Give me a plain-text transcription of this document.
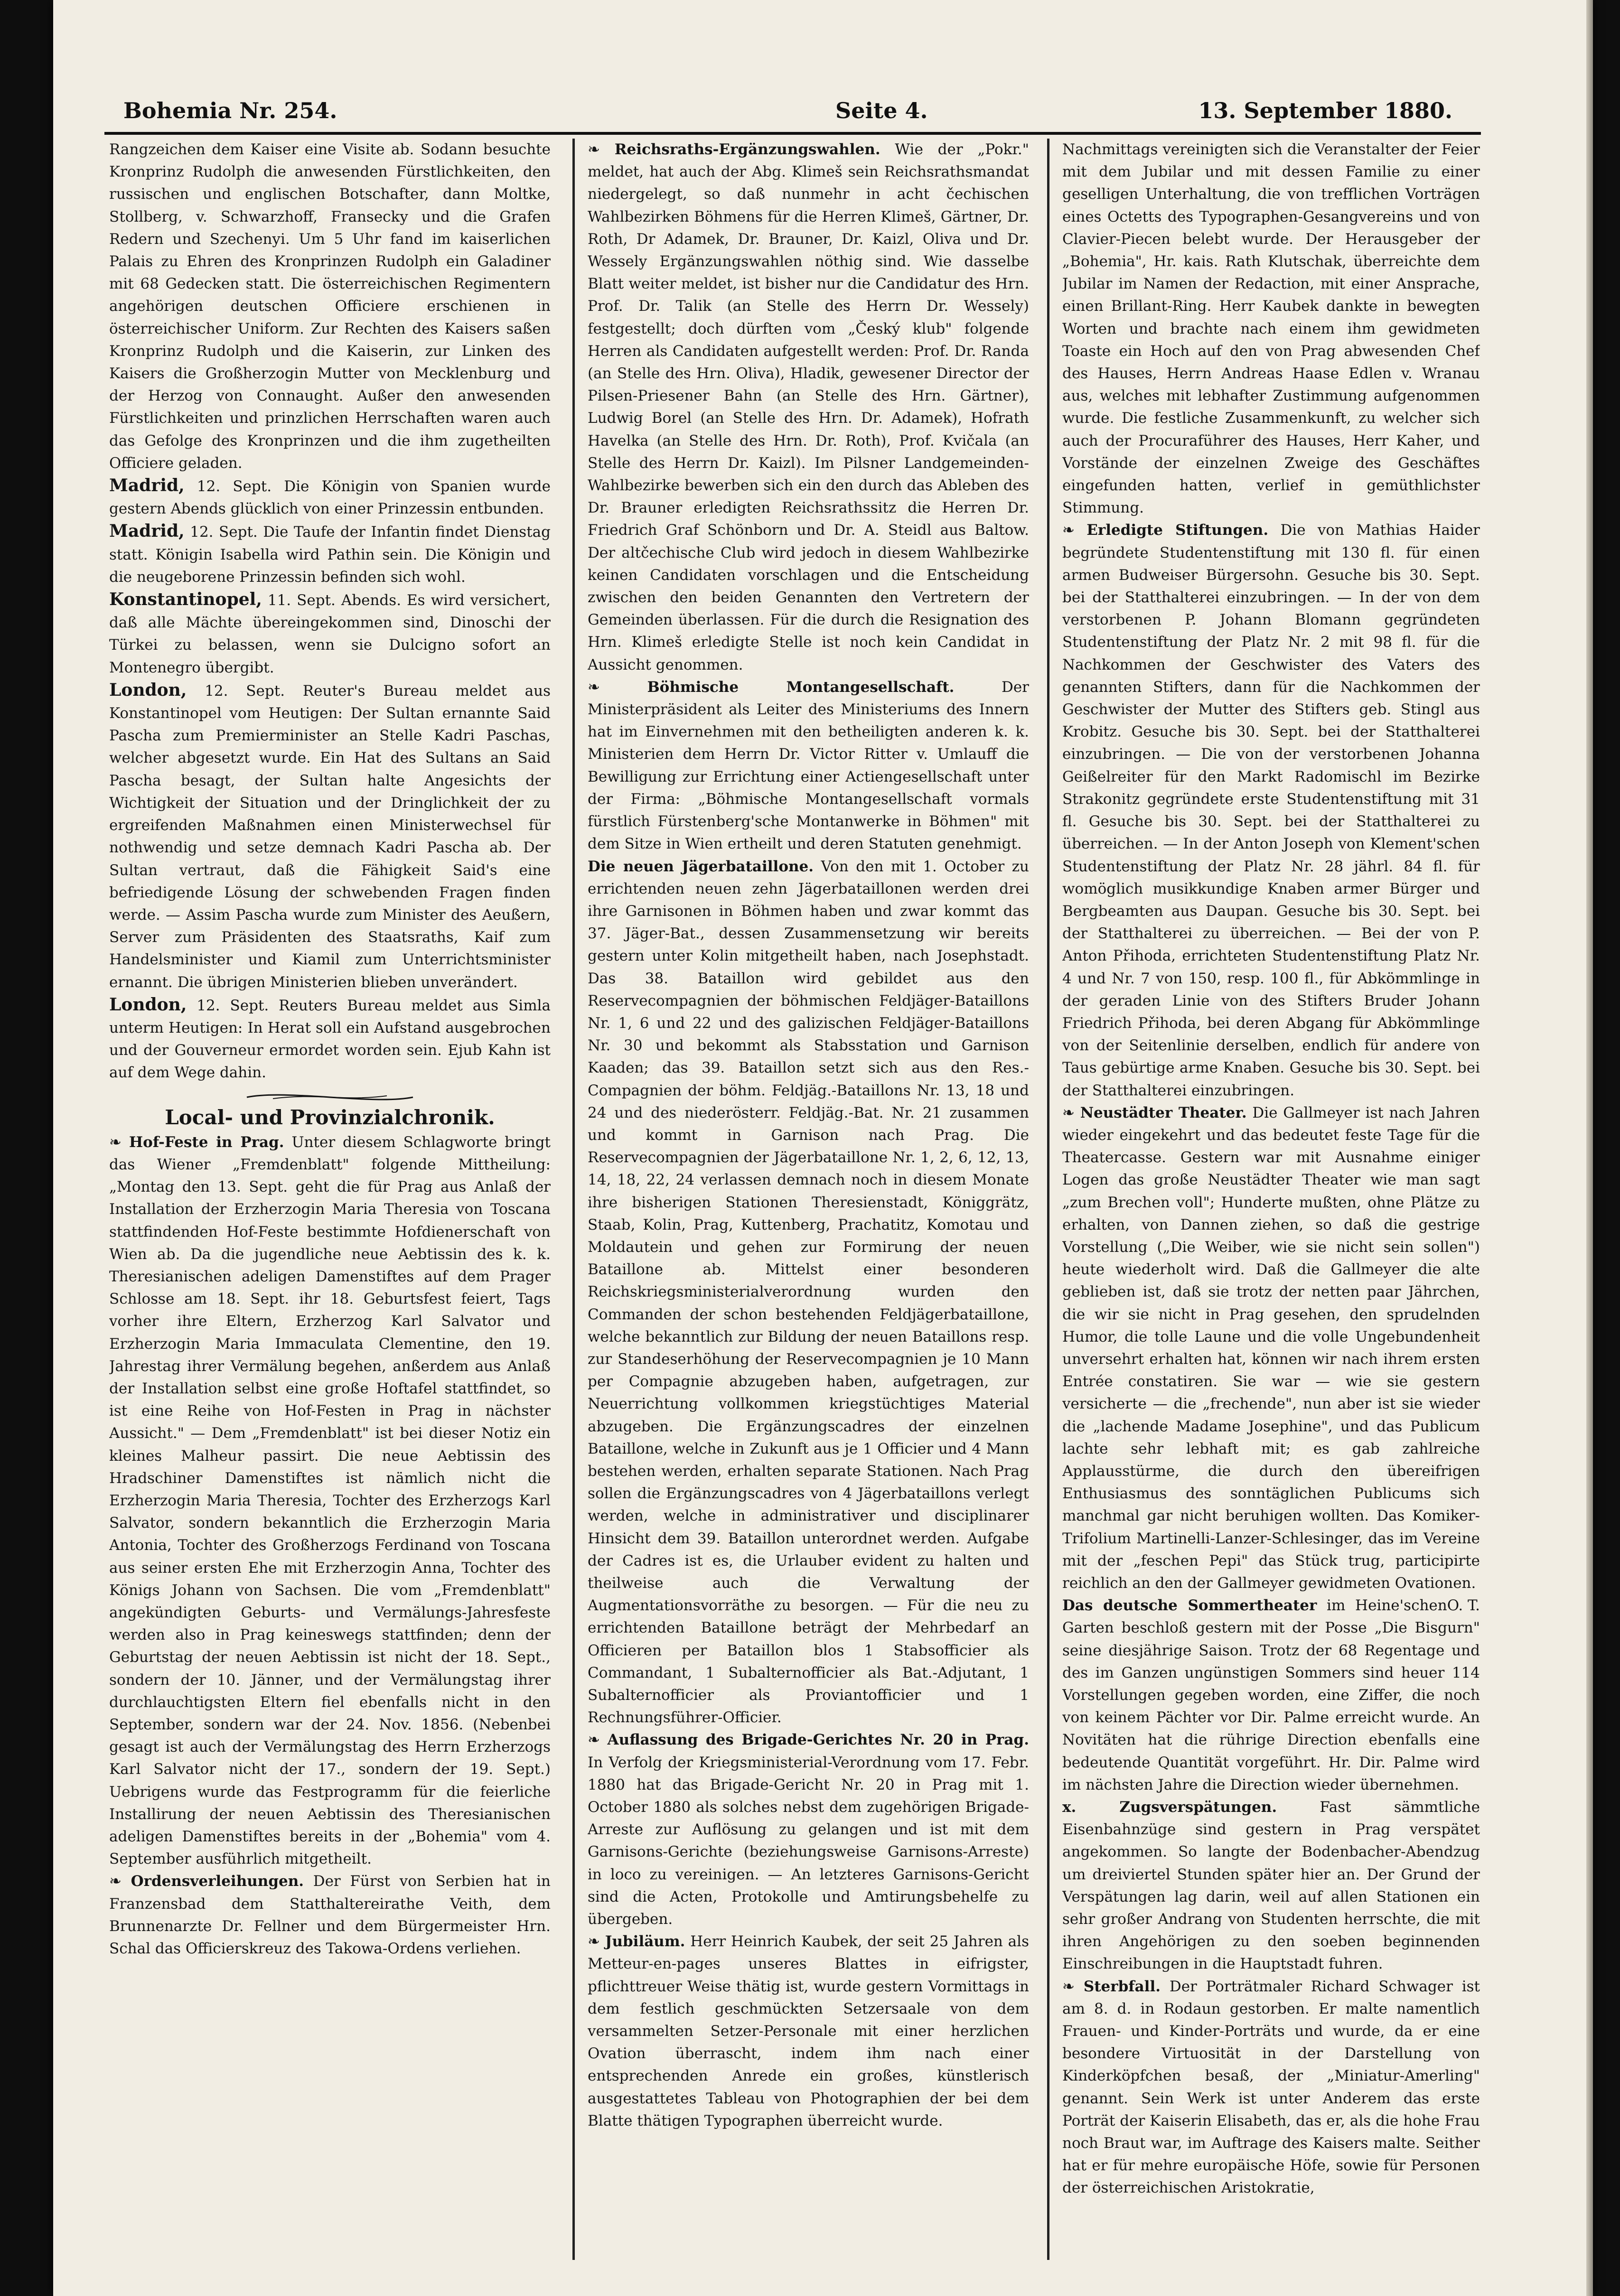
Bohemia Nr. 254.	Seite 4.	13. September 1880.

Rangzeichen dem Kaiser eine Visite ab. Sodann besuchte Kronprinz Rudolph die anwesenden Fürstlichkeiten, den russischen und englischen Botschafter, dann Moltke, Stollberg, v. Schwarzhoff, Fransecky und die Grafen Redern und Szechenyi. Um 5 Uhr fand im kaiserlichen Palais zu Ehren des Kronprinzen Rudolph ein Galadiner mit 68 Gedecken statt. Die österreichischen Regimentern angehörigen deutschen Officiere erschienen in österreichischer Uniform. Zur Rechten des Kaisers saßen Kronprinz Rudolph und die Kaiserin, zur Linken des Kaisers die Großherzogin Mutter von Mecklenburg und der Herzog von Connaught. Außer den anwesenden Fürstlichkeiten und prinzlichen Herrschaften waren auch das Gefolge des Kronprinzen und die ihm zugetheilten Officiere geladen.

Madrid, 12. Sept. Die Königin von Spanien wurde gestern Abends glücklich von einer Prinzessin entbunden.

Madrid, 12. Sept. Die Taufe der Infantin findet Dienstag statt. Königin Isabella wird Pathin sein. Die Königin und die neugeborene Prinzessin befinden sich wohl.

Konstantinopel, 11. Sept. Abends. Es wird versichert, daß alle Mächte übereingekommen sind, Dinoschi der Türkei zu belassen, wenn sie Dulcigno sofort an Montenegro übergibt.

London, 12. Sept. Reuter's Bureau meldet aus Konstantinopel vom Heutigen: Der Sultan ernannte Said Pascha zum Premierminister an Stelle Kadri Paschas, welcher abgesetzt wurde. Ein Hat des Sultans an Said Pascha besagt, der Sultan halte Angesichts der Wichtigkeit der Situation und der Dringlichkeit der zu ergreifenden Maßnahmen einen Ministerwechsel für nothwendig und setze demnach Kadri Pascha ab. Der Sultan vertraut, daß die Fähigkeit Said's eine befriedigende Lösung der schwebenden Fragen finden werde. — Assim Pascha wurde zum Minister des Aeußern, Server zum Präsidenten des Staatsraths, Kaif zum Handelsminister und Kiamil zum Unterrichtsminister ernannt. Die übrigen Ministerien blieben unverändert.

London, 12. Sept. Reuters Bureau meldet aus Simla unterm Heutigen: In Herat soll ein Aufstand ausgebrochen und der Gouverneur ermordet worden sein. Ejub Kahn ist auf dem Wege dahin.

Local- und Provinzialchronik.

❧ Hof-Feste in Prag. Unter diesem Schlagworte bringt das Wiener „Fremdenblatt" folgende Mittheilung: „Montag den 13. Sept. geht die für Prag aus Anlaß der Installation der Erzherzogin Maria Theresia von Toscana stattfindenden Hof-Feste bestimmte Hofdienerschaft von Wien ab. Da die jugendliche neue Aebtissin des k. k. Theresianischen adeligen Damenstiftes auf dem Prager Schlosse am 18. Sept. ihr 18. Geburtsfest feiert, Tags vorher ihre Eltern, Erzherzog Karl Salvator und Erzherzogin Maria Immaculata Clementine, den 19. Jahrestag ihrer Vermälung begehen, anßerdem aus Anlaß der Installation selbst eine große Hoftafel stattfindet, so ist eine Reihe von Hof-Festen in Prag in nächster Aussicht." — Dem „Fremdenblatt" ist bei dieser Notiz ein kleines Malheur passirt. Die neue Aebtissin des Hradschiner Damenstiftes ist nämlich nicht die Erzherzogin Maria Theresia, Tochter des Erzherzogs Karl Salvator, sondern bekanntlich die Erzherzogin Maria Antonia, Tochter des Großherzogs Ferdinand von Toscana aus seiner ersten Ehe mit Erzherzogin Anna, Tochter des Königs Johann von Sachsen. Die vom „Fremdenblatt" angekündigten Geburts- und Vermälungs-Jahresfeste werden also in Prag keineswegs stattfinden; denn der Geburtstag der neuen Aebtissin ist nicht der 18. Sept., sondern der 10. Jänner, und der Vermälungstag ihrer durchlauchtigsten Eltern fiel ebenfalls nicht in den September, sondern war der 24. Nov. 1856. (Nebenbei gesagt ist auch der Vermälungstag des Herrn Erzherzogs Karl Salvator nicht der 17., sondern der 19. Sept.) Uebrigens wurde das Festprogramm für die feierliche Installirung der neuen Aebtissin des Theresianischen adeligen Damenstiftes bereits in der „Bohemia" vom 4. September ausführlich mitgetheilt.

❧ Ordensverleihungen. Der Fürst von Serbien hat in Franzensbad dem Statthaltereirathe Veith, dem Brunnenarzte Dr. Fellner und dem Bürgermeister Hrn. Schal das Officierskreuz des Takowa-Ordens verliehen.

❧ Reichsraths-Ergänzungswahlen. Wie der „Pokr." meldet, hat auch der Abg. Klimeš sein Reichsrathsmandat niedergelegt, so daß nunmehr in acht čechischen Wahlbezirken Böhmens für die Herren Klimeš, Gärtner, Dr. Roth, Dr Adamek, Dr. Brauner, Dr. Kaizl, Oliva und Dr. Wessely Ergänzungswahlen nöthig sind. Wie dasselbe Blatt weiter meldet, ist bisher nur die Candidatur des Hrn. Prof. Dr. Talik (an Stelle des Herrn Dr. Wessely) festgestellt; doch dürften vom „Český klub" folgende Herren als Candidaten aufgestellt werden: Prof. Dr. Randa (an Stelle des Hrn. Oliva), Hladik, gewesener Director der Pilsen-Priesener Bahn (an Stelle des Hrn. Gärtner), Ludwig Borel (an Stelle des Hrn. Dr. Adamek), Hofrath Havelka (an Stelle des Hrn. Dr. Roth), Prof. Kvičala (an Stelle des Herrn Dr. Kaizl). Im Pilsner Landgemeinden-Wahlbezirke bewerben sich ein den durch das Ableben des Dr. Brauner erledigten Reichsrathssitz die Herren Dr. Friedrich Graf Schönborn und Dr. A. Steidl aus Baltow. Der altčechische Club wird jedoch in diesem Wahlbezirke keinen Candidaten vorschlagen und die Entscheidung zwischen den beiden Genannten den Vertretern der Gemeinden überlassen. Für die durch die Resignation des Hrn. Klimeš erledigte Stelle ist noch kein Candidat in Aussicht genommen.

❧	Böhmische Montangesellschaft.	Der Ministerpräsident als Leiter des Ministeriums des Innern hat im Einvernehmen mit den betheiligten anderen k. k. Ministerien dem Herrn Dr. Victor Ritter v. Umlauff die Bewilligung zur Errichtung einer Actiengesellschaft unter der Firma: „Böhmische Montangesellschaft vormals fürstlich Fürstenberg'sche Montanwerke in Böhmen" mit dem Sitze in Wien ertheilt und deren Statuten genehmigt.

Die neuen Jägerbataillone. Von den mit 1. October zu errichtenden neuen zehn Jägerbataillonen werden drei ihre Garnisonen in Böhmen haben und zwar kommt das 37. Jäger-Bat., dessen Zusammensetzung wir bereits gestern unter Kolin mitgetheilt haben, nach Josephstadt. Das 38. Bataillon wird gebildet aus den Reservecompagnien der böhmischen Feldjäger-Bataillons Nr. 1, 6 und 22 und des galizischen Feldjäger-Bataillons Nr. 30 und bekommt als Stabsstation und Garnison Kaaden; das 39. Bataillon setzt sich aus den Res.-Compagnien der böhm. Feldjäg.-Bataillons Nr. 13, 18 und 24 und des niederösterr. Feldjäg.-Bat. Nr. 21 zusammen und kommt in Garnison nach Prag. Die Reservecompagnien der Jägerbataillone Nr. 1, 2, 6, 12, 13, 14, 18, 22, 24 verlassen demnach noch in diesem Monate ihre bisherigen Stationen Theresienstadt, Königgrätz, Staab, Kolin, Prag, Kuttenberg, Prachatitz, Komotau und Moldautein und gehen zur Formirung der neuen Bataillone ab. Mittelst einer besonderen Reichskriegsministerialverordnung wurden den Commanden der schon bestehenden Feldjägerbataillone, welche bekanntlich zur Bildung der neuen Bataillons resp. zur Standeserhöhung der Reservecompagnien je 10 Mann per Compagnie abzugeben haben, aufgetragen, zur Neuerrichtung vollkommen kriegstüchtiges Material abzugeben. Die Ergänzungscadres der einzelnen Bataillone, welche in Zukunft aus je 1 Officier und 4 Mann bestehen werden, erhalten separate Stationen. Nach Prag sollen die Ergänzungscadres von 4 Jägerbataillons verlegt werden, welche in administrativer und disciplinarer Hinsicht dem 39. Bataillon unterordnet werden. Aufgabe der Cadres ist es, die Urlauber evident zu halten und theilweise auch die Verwaltung der Augmentationsvorräthe zu besorgen. — Für die neu zu errichtenden Bataillone beträgt der Mehrbedarf an Officieren per Bataillon blos 1 Stabsofficier als Commandant, 1 Subalternofficier als Bat.-Adjutant, 1 Subalternofficier als Proviantofficier und 1 Rechnungsführer-Officier.

❧ Auflassung des Brigade-Gerichtes Nr. 20 in Prag. In Verfolg der Kriegsministerial-Verordnung vom 17. Febr. 1880 hat das Brigade-Gericht Nr. 20 in Prag mit 1. October 1880 als solches nebst dem zugehörigen Brigade-Arreste zur Auflösung zu gelangen und ist mit dem Garnisons-Gerichte (beziehungsweise Garnisons-Arreste) in loco zu vereinigen. — An letzteres Garnisons-Gericht sind die Acten, Protokolle und Amtirungsbehelfe zu übergeben.

❧ Jubiläum. Herr Heinrich Kaubek, der seit 25 Jahren als Metteur-en-pages unseres Blattes in eifrigster, pflichttreuer Weise thätig ist, wurde gestern Vormittags in dem festlich geschmückten Setzersaale von dem versammelten Setzer-Personale mit einer herzlichen Ovation überrascht, indem ihm nach einer entsprechenden Anrede ein großes, künstlerisch ausgestattetes Tableau von Photographien der bei dem Blatte thätigen Typographen überreicht wurde.

Nachmittags vereinigten sich die Veranstalter der Feier mit dem Jubilar und mit dessen Familie zu einer geselligen Unterhaltung, die von trefflichen Vorträgen eines Octetts des Typographen-Gesangvereins und von Clavier-Piecen belebt wurde. Der Herausgeber der „Bohemia", Hr. kais. Rath Klutschak, überreichte dem Jubilar im Namen der Redaction, mit einer Ansprache, einen Brillant-Ring. Herr Kaubek dankte in bewegten Worten und brachte nach einem ihm gewidmeten Toaste ein Hoch auf den von Prag abwesenden Chef des Hauses, Herrn Andreas Haase Edlen v. Wranau aus, welches mit lebhafter Zustimmung aufgenommen wurde. Die festliche Zusammenkunft, zu welcher sich auch der Procuraführer des Hauses, Herr Kaher, und Vorstände der einzelnen Zweige des Geschäftes eingefunden hatten, verlief in gemüthlichster Stimmung.

❧ Erledigte Stiftungen. Die von Mathias Haider begründete Studentenstiftung mit 130 fl. für einen armen Budweiser Bürgersohn. Gesuche bis 30. Sept. bei der Statthalterei einzubringen. — In der von dem verstorbenen P. Johann Blomann gegründeten Studentenstiftung der Platz Nr. 2 mit 98 fl. für die Nachkommen der Geschwister des Vaters des genannten Stifters, dann für die Nachkommen der Geschwister der Mutter des Stifters geb. Stingl aus Krobitz. Gesuche bis 30. Sept. bei der Statthalterei einzubringen. — Die von der verstorbenen Johanna Geißelreiter für den Markt Radomischl im Bezirke Strakonitz gegründete erste Studentenstiftung mit 31 fl. Gesuche bis 30. Sept. bei der Statthalterei zu überreichen. — In der Anton Joseph von Klement'schen Studentenstiftung der Platz Nr. 28 jährl. 84 fl. für womöglich musikkundige Knaben armer Bürger und Bergbeamten aus Daupan. Gesuche bis 30. Sept. bei der Statthalterei zu überreichen. — Bei der von P. Anton Přihoda, errichteten Studentenstiftung Platz Nr. 4 und Nr. 7 von 150, resp. 100 fl., für Abkömmlinge in der geraden Linie von des Stifters Bruder Johann Friedrich Přihoda, bei deren Abgang für Abkömmlinge von der Seitenlinie derselben, endlich für andere von Taus gebürtige arme Knaben. Gesuche bis 30. Sept. bei der Statthalterei einzubringen.

❧ Neustädter Theater. Die Gallmeyer ist nach Jahren wieder eingekehrt und das bedeutet feste Tage für die Theatercasse. Gestern war mit Ausnahme einiger Logen das große Neustädter Theater wie man sagt „zum Brechen voll"; Hunderte mußten, ohne Plätze zu erhalten, von Dannen ziehen, so daß die gestrige Vorstellung („Die Weiber, wie sie nicht sein sollen") heute wiederholt wird. Daß die Gallmeyer die alte geblieben ist, daß sie trotz der netten paar Jährchen, die wir sie nicht in Prag gesehen, den sprudelnden Humor, die tolle Laune und die volle Ungebundenheit unversehrt erhalten hat, können wir nach ihrem ersten Entrée constatiren. Sie war — wie sie gestern versicherte — die „frechende", nun aber ist sie wieder die „lachende Madame Josephine", und das Publicum lachte sehr lebhaft mit; es gab zahlreiche Applausstürme, die durch den übereifrigen Enthusiasmus des sonntäglichen Publicums sich manchmal gar nicht beruhigen wollten. Das Komiker-Trifolium Martinelli-Lanzer-Schlesinger, das im Vereine mit der „feschen Pepi" das Stück trug, participirte reichlich an den der Gallmeyer gewidmeten Ovationen.
O. T.

Das deutsche Sommertheater im Heine'schen Garten beschloß gestern mit der Posse „Die Bisgurn" seine diesjährige Saison. Trotz der 68 Regentage und des im Ganzen ungünstigen Sommers sind heuer 114 Vorstellungen gegeben worden, eine Ziffer, die noch von keinem Pächter vor Dir. Palme erreicht wurde. An Novitäten hat die rührige Direction ebenfalls eine bedeutende Quantität vorgeführt. Hr. Dir. Palme wird im nächsten Jahre die Direction wieder übernehmen.

x. Zugsverspätungen.	Fast sämmtliche Eisenbahnzüge sind gestern in Prag verspätet angekommen. So langte der Bodenbacher-Abendzug um dreiviertel Stunden später hier an. Der Grund der Verspätungen lag darin, weil auf allen Stationen ein sehr großer Andrang von Studenten herrschte, die mit ihren Angehörigen zu den soeben beginnenden Einschreibungen in die Hauptstadt fuhren.

❧ Sterbfall. Der Porträtmaler Richard Schwager ist am 8. d. in Rodaun gestorben. Er malte namentlich Frauen- und Kinder-Porträts und wurde, da er eine besondere Virtuosität in der Darstellung von Kinderköpfchen besaß, der „Miniatur-Amerling" genannt. Sein Werk ist unter Anderem das erste Porträt der Kaiserin Elisabeth, das er, als die hohe Frau noch Braut war, im Auftrage des Kaisers malte. Seither hat er für mehre europäische Höfe, sowie für Personen der österreichischen Aristokratie,
